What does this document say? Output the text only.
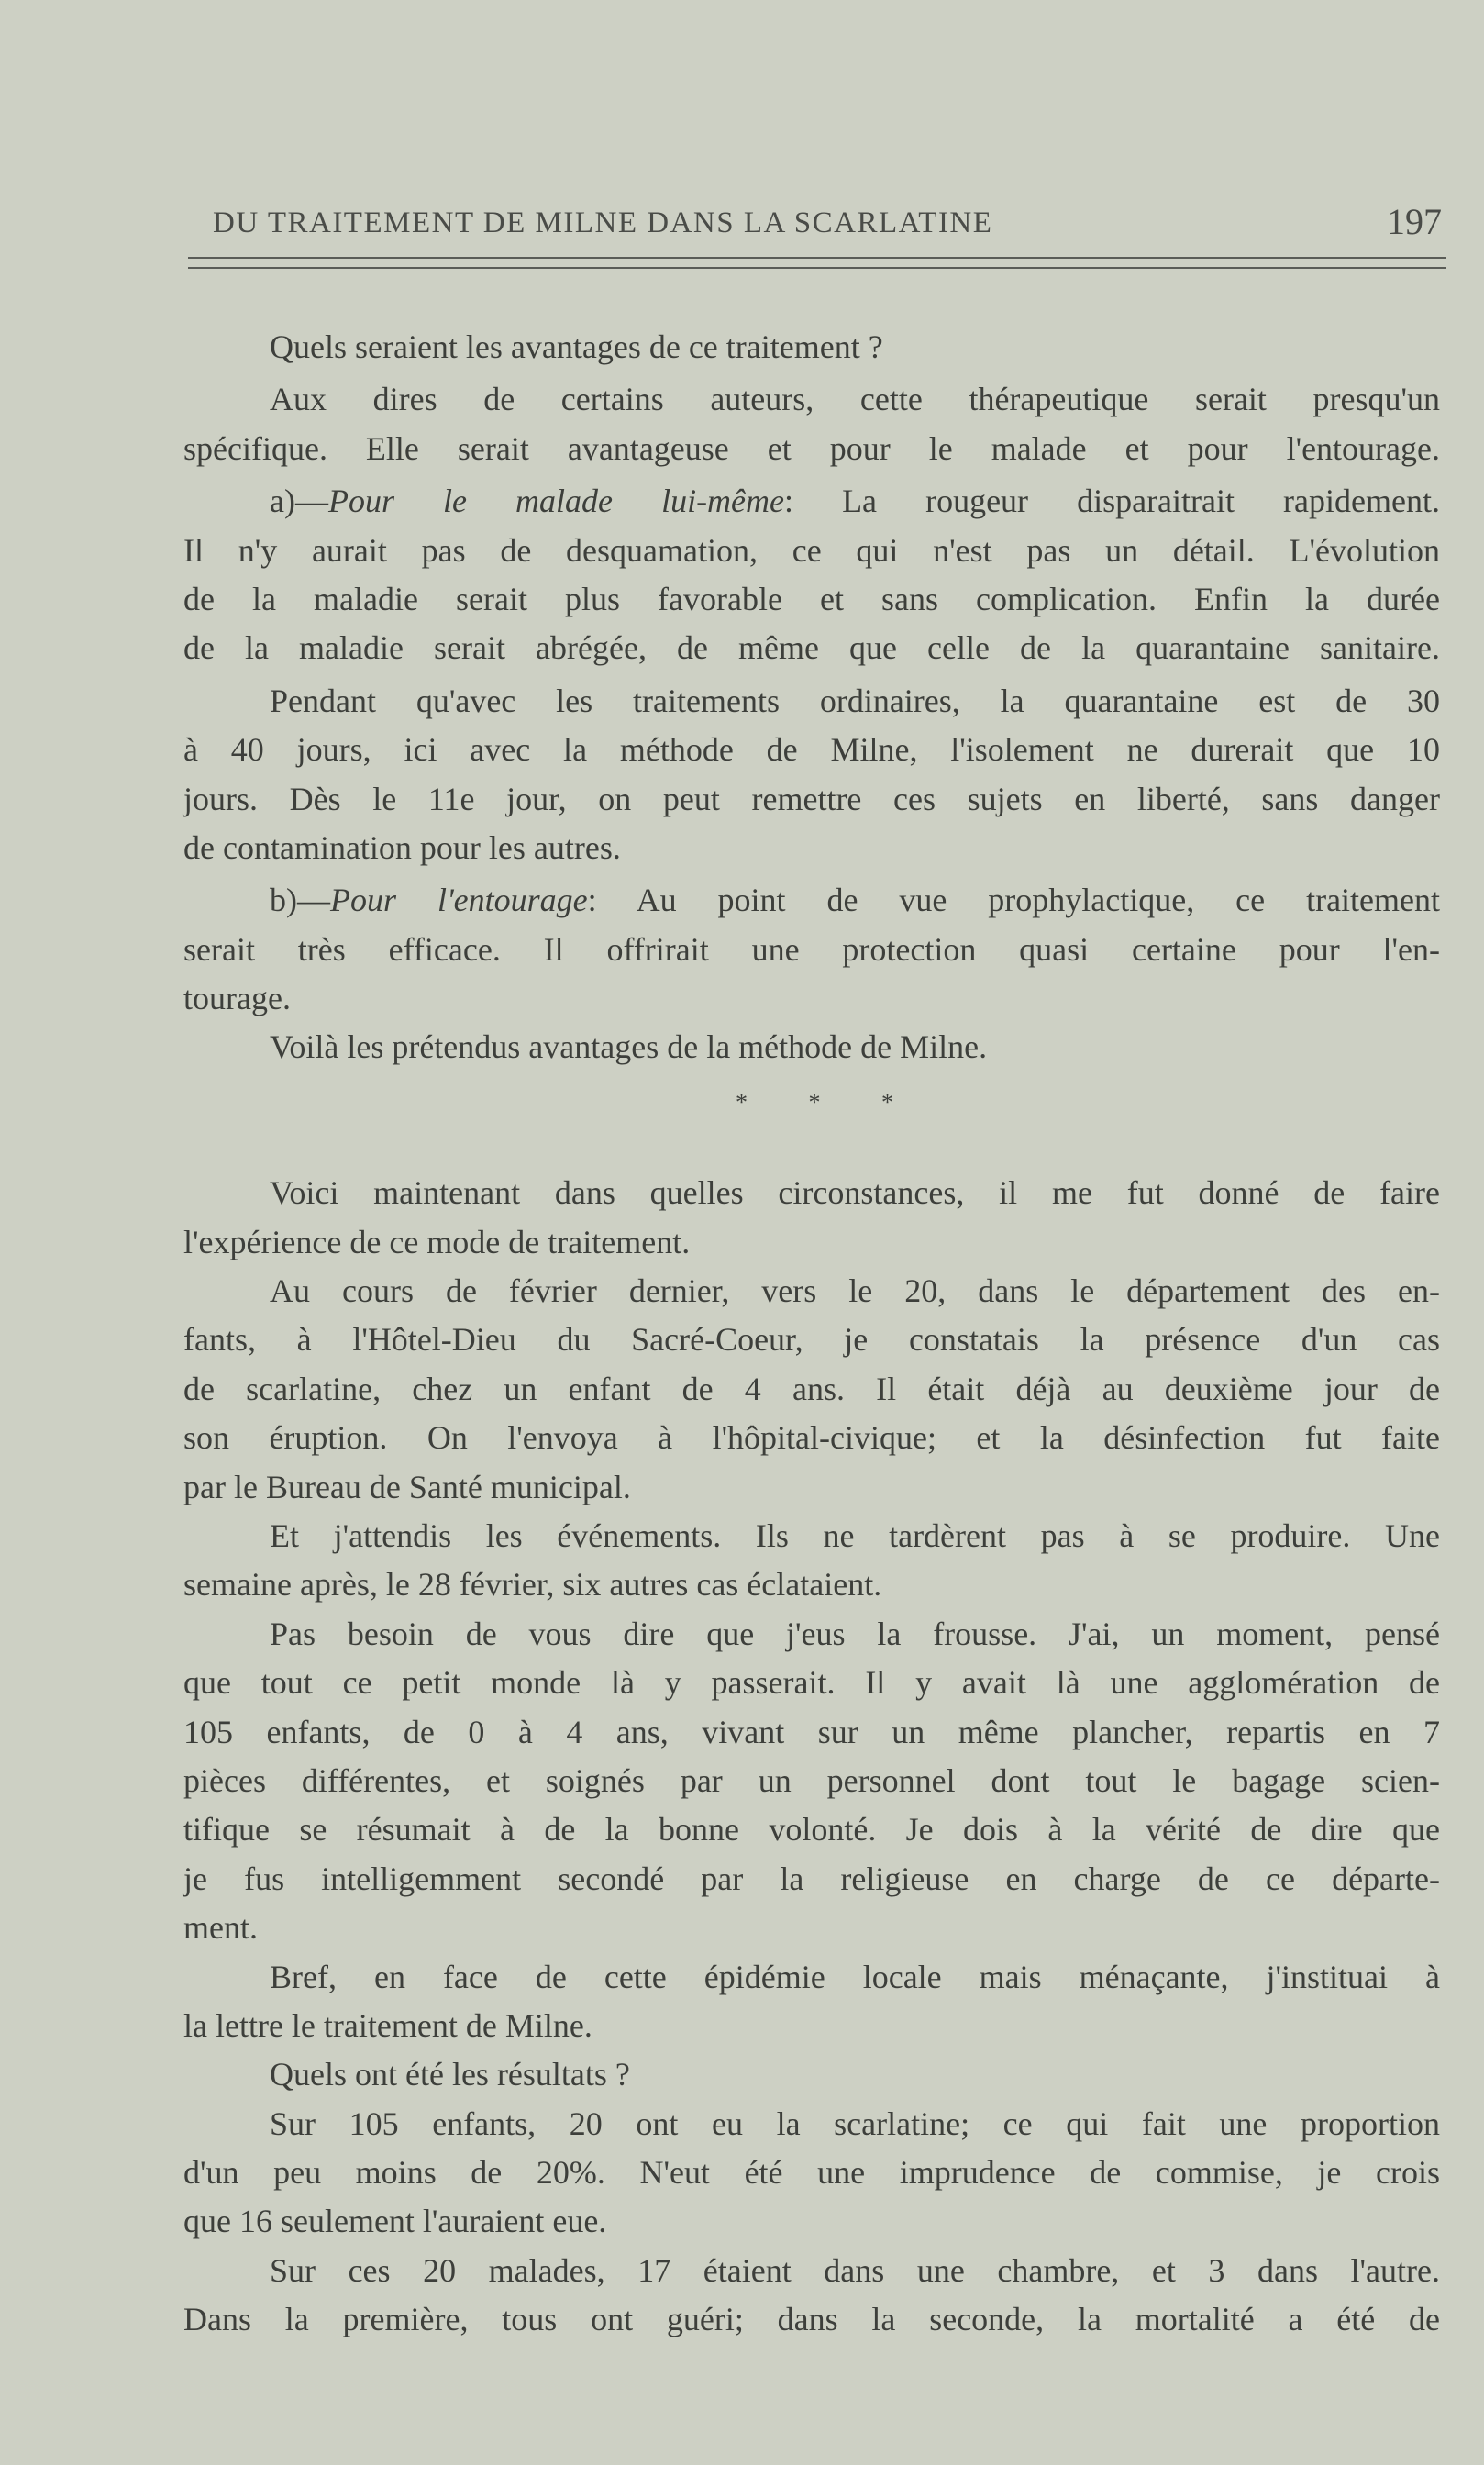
DU TRAITEMENT DE MILNE DANS LA SCARLATINE	197
Quels seraient les avantages de ce traitement ?
Aux dires de certains auteurs, cette thérapeutique serait presqu'un
spécifique. Elle serait avantageuse et pour le malade et pour l'entourage.
a)—Pour le malade lui-même: La rougeur disparaitrait rapidement.
Il n'y aurait pas de desquamation, ce qui n'est pas un détail. L'évolution
de la maladie serait plus favorable et sans complication. Enfin la durée
de la maladie serait abrégée, de même que celle de la quarantaine sanitaire.
Pendant qu'avec les traitements ordinaires, la quarantaine est de 30
à 40 jours, ici avec la méthode de Milne, l'isolement ne durerait que 10
jours. Dès le 11e jour, on peut remettre ces sujets en liberté, sans danger
de contamination pour les autres.
b)—Pour l'entourage: Au point de vue prophylactique, ce traitement
serait très efficace. Il offrirait une protection quasi certaine pour l'en-
tourage.
Voilà les prétendus avantages de la méthode de Milne.
* * *
Voici maintenant dans quelles circonstances, il me fut donné de faire
l'expérience de ce mode de traitement.
Au cours de février dernier, vers le 20, dans le département des en-
fants, à l'Hôtel-Dieu du Sacré-Coeur, je constatais la présence d'un cas
de scarlatine, chez un enfant de 4 ans. Il était déjà au deuxième jour de
son éruption. On l'envoya à l'hôpital-civique; et la désinfection fut faite
par le Bureau de Santé municipal.
Et j'attendis les événements. Ils ne tardèrent pas à se produire. Une
semaine après, le 28 février, six autres cas éclataient.
Pas besoin de vous dire que j'eus la frousse. J'ai, un moment, pensé
que tout ce petit monde là y passerait. Il y avait là une agglomération de
105 enfants, de 0 à 4 ans, vivant sur un même plancher, repartis en 7
pièces différentes, et soignés par un personnel dont tout le bagage scien-
tifique se résumait à de la bonne volonté. Je dois à la vérité de dire que
je fus intelligemment secondé par la religieuse en charge de ce départe-
ment.
Bref, en face de cette épidémie locale mais ménaçante, j'instituai à
la lettre le traitement de Milne.
Quels ont été les résultats ?
Sur 105 enfants, 20 ont eu la scarlatine; ce qui fait une proportion
d'un peu moins de 20%. N'eut été une imprudence de commise, je crois
que 16 seulement l'auraient eue.
Sur ces 20 malades, 17 étaient dans une chambre, et 3 dans l'autre.
Dans la première, tous ont guéri; dans la seconde, la mortalité a été de
